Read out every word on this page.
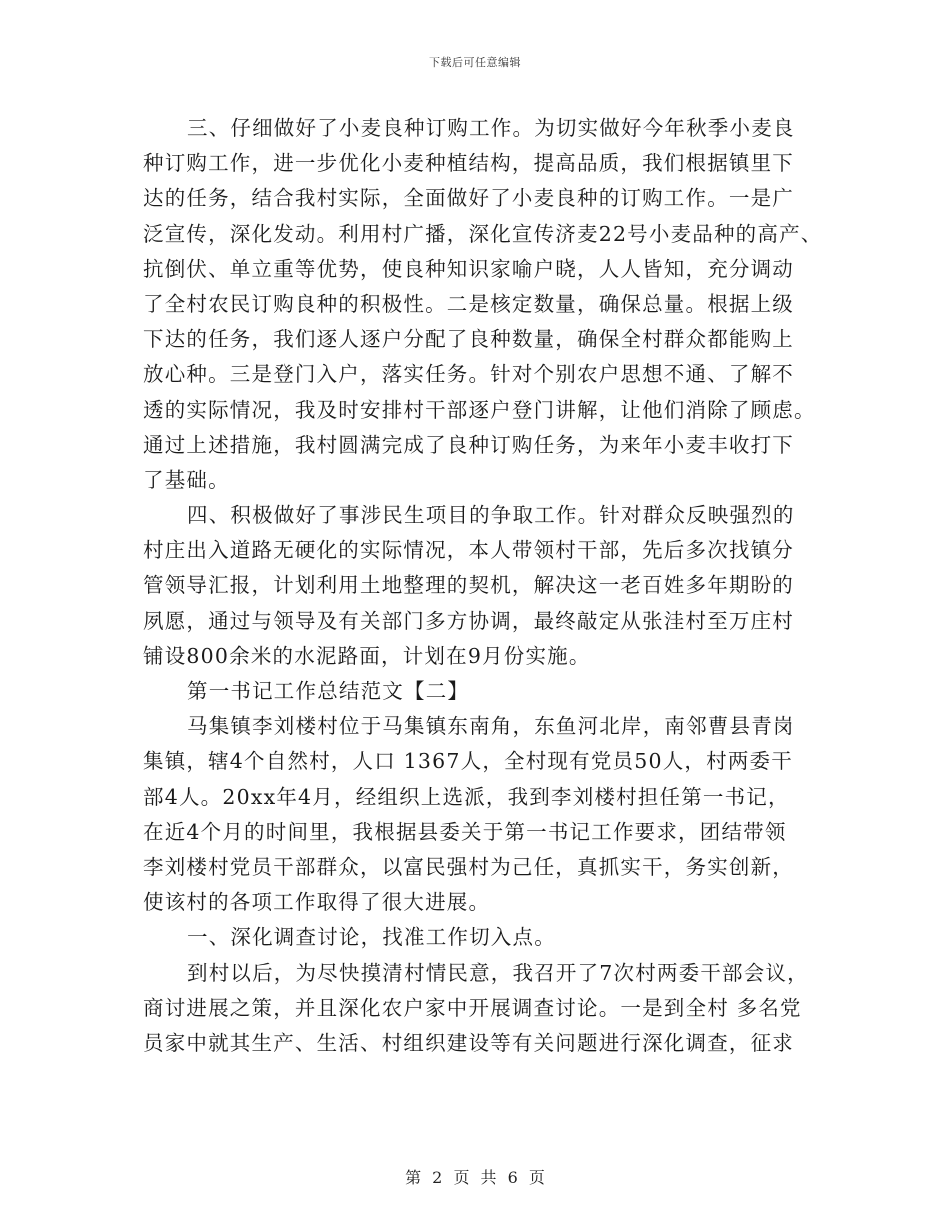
下载后可任意编辑
三、仔细做好了小麦良种订购工作。为切实做好今年秋季小麦良
种订购工作，进一步优化小麦种植结构，提高品质，我们根据镇里下
达的任务，结合我村实际，全面做好了小麦良种的订购工作。一是广
泛宣传，深化发动。利用村广播，深化宣传济麦22号小麦品种的高产、
抗倒伏、单立重等优势，使良种知识家喻户晓，人人皆知，充分调动
了全村农民订购良种的积极性。二是核定数量，确保总量。根据上级
下达的任务，我们逐人逐户分配了良种数量，确保全村群众都能购上
放心种。三是登门入户，落实任务。针对个别农户思想不通、了解不
透的实际情况，我及时安排村干部逐户登门讲解，让他们消除了顾虑。
通过上述措施，我村圆满完成了良种订购任务，为来年小麦丰收打下
了基础。
四、积极做好了事涉民生项目的争取工作。针对群众反映强烈的
村庄出入道路无硬化的实际情况，本人带领村干部，先后多次找镇分
管领导汇报，计划利用土地整理的契机，解决这一老百姓多年期盼的
夙愿，通过与领导及有关部门多方协调，最终敲定从张洼村至万庄村
铺设800余米的水泥路面，计划在9月份实施。
第一书记工作总结范文【二】
马集镇李刘楼村位于马集镇东南角，东鱼河北岸，南邻曹县青岗
集镇，辖4个自然村，人口 1367人，全村现有党员50人，村两委干
部4人。20xx年4月，经组织上选派，我到李刘楼村担任第一书记，
在近4个月的时间里，我根据县委关于第一书记工作要求，团结带领
李刘楼村党员干部群众，以富民强村为己任，真抓实干，务实创新，
使该村的各项工作取得了很大进展。
一、深化调查讨论，找准工作切入点。
到村以后，为尽快摸清村情民意，我召开了7次村两委干部会议，
商讨进展之策，并且深化农户家中开展调查讨论。一是到全村 多名党
员家中就其生产、生活、村组织建设等有关问题进行深化调查，征求
第 2 页 共 6 页
